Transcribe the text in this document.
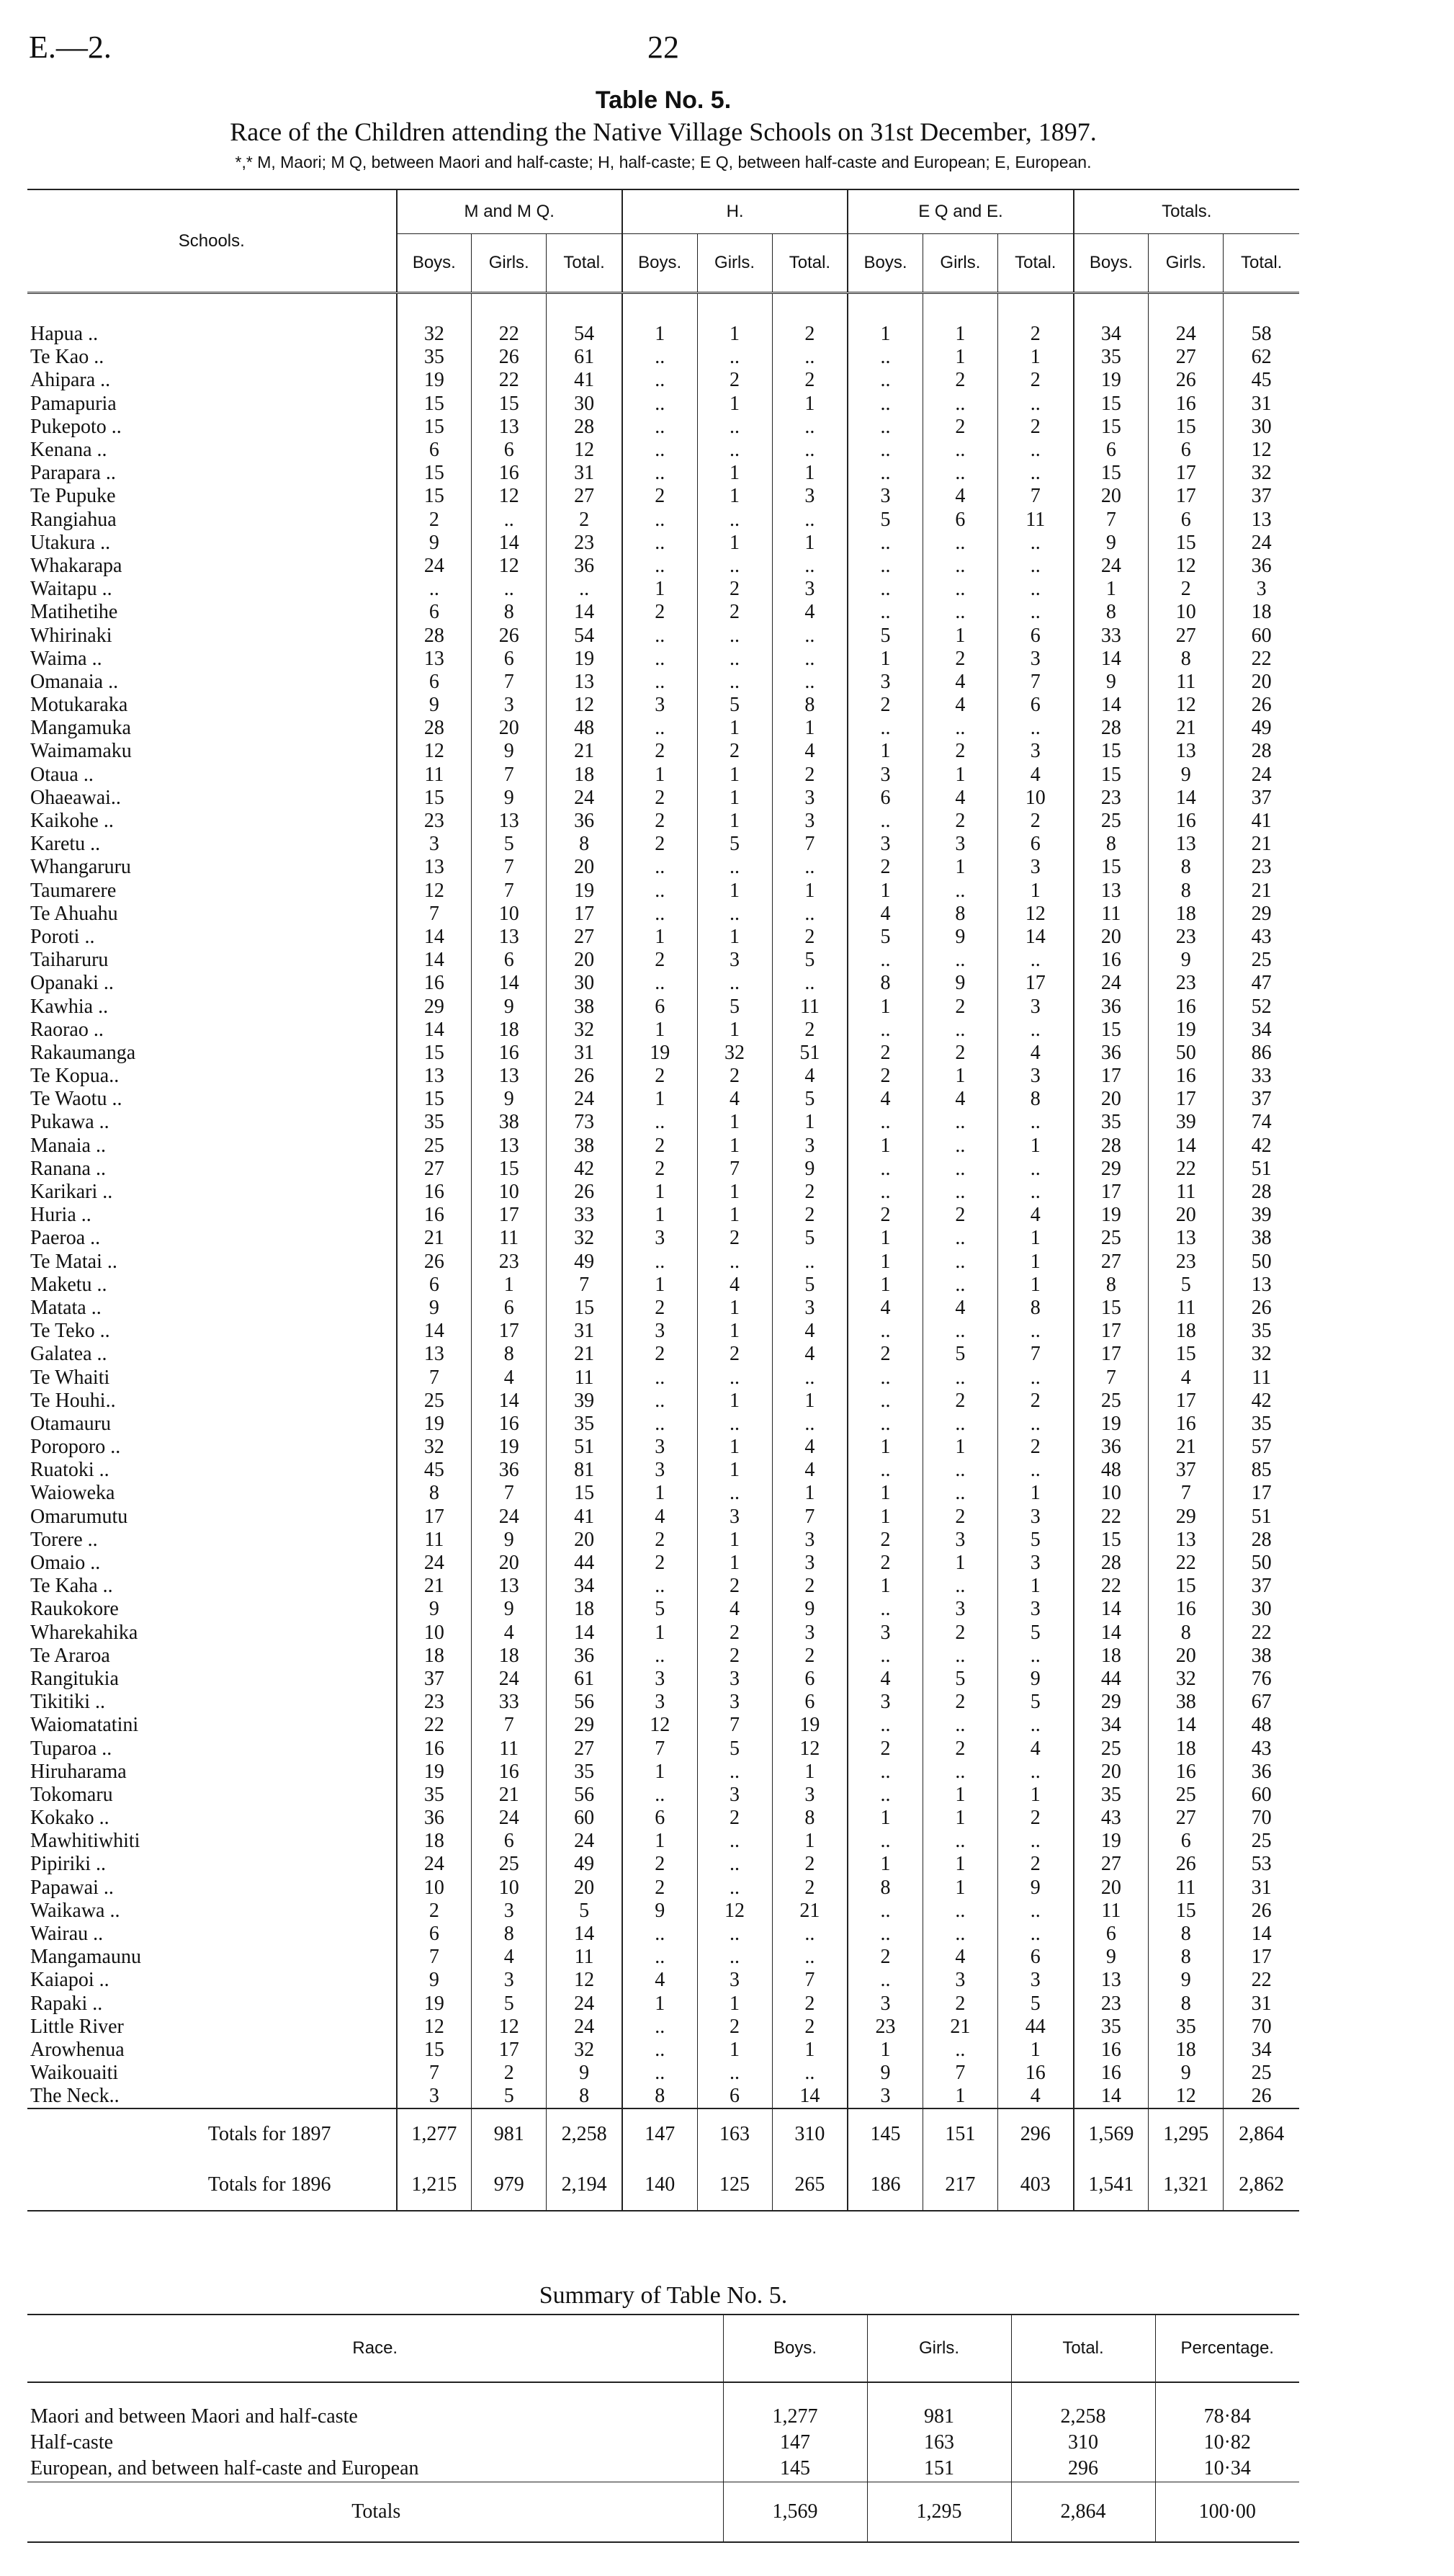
E.—2.	22
Table No. 5.
Race of the Children attending the Native Village Schools on 31st December, 1897.
*,* M, Maori; M Q, between Maori and half-caste; H, half-caste; E Q, between half-caste and European; E, European.
Schools.	M and M Q.			H.			E Q and E.			Totals.		
	Boys.	Girls.	Total.	Boys.	Girls.	Total.	Boys.	Girls.	Total.	Boys.	Girls.	Total.
Hapua ..	32	22	54	1	1	2	1	1	2	34	24	58
Te Kao ..	35	26	61	..	..	..	..	1	1	35	27	62
Ahipara ..	19	22	41	..	2	2	..	2	2	19	26	45
Pamapuria	15	15	30	..	1	1	..	..	..	15	16	31
Pukepoto ..	15	13	28	..	..	..	..	2	2	15	15	30
Kenana ..	6	6	12	..	..	..	..	..	..	6	6	12
Parapara ..	15	16	31	..	1	1	..	..	..	15	17	32
Te Pupuke	15	12	27	2	1	3	3	4	7	20	17	37
Rangiahua	2	..	2	..	..	..	5	6	11	7	6	13
Utakura ..	9	14	23	..	1	1	..	..	..	9	15	24
Whakarapa	24	12	36	..	..	..	..	..	..	24	12	36
Waitapu ..	..	..	..	1	2	3	..	..	..	1	2	3
Matihetihe	6	8	14	2	2	4	..	..	..	8	10	18
Whirinaki	28	26	54	..	..	..	5	1	6	33	27	60
Waima ..	13	6	19	..	..	..	1	2	3	14	8	22
Omanaia ..	6	7	13	..	..	..	3	4	7	9	11	20
Motukaraka	9	3	12	3	5	8	2	4	6	14	12	26
Mangamuka	28	20	48	..	1	1	..	..	..	28	21	49
Waimamaku	12	9	21	2	2	4	1	2	3	15	13	28
Otaua ..	11	7	18	1	1	2	3	1	4	15	9	24
Ohaeawai..	15	9	24	2	1	3	6	4	10	23	14	37
Kaikohe ..	23	13	36	2	1	3	..	2	2	25	16	41
Karetu ..	3	5	8	2	5	7	3	3	6	8	13	21
Whangaruru	13	7	20	..	..	..	2	1	3	15	8	23
Taumarere	12	7	19	..	1	1	1	..	1	13	8	21
Te Ahuahu	7	10	17	..	..	..	4	8	12	11	18	29
Poroti ..	14	13	27	1	1	2	5	9	14	20	23	43
Taiharuru	14	6	20	2	3	5	..	..	..	16	9	25
Opanaki ..	16	14	30	..	..	..	8	9	17	24	23	47
Kawhia ..	29	9	38	6	5	11	1	2	3	36	16	52
Raorao ..	14	18	32	1	1	2	..	..	..	15	19	34
Rakaumanga	15	16	31	19	32	51	2	2	4	36	50	86
Te Kopua..	13	13	26	2	2	4	2	1	3	17	16	33
Te Waotu ..	15	9	24	1	4	5	4	4	8	20	17	37
Pukawa ..	35	38	73	..	1	1	..	..	..	35	39	74
Manaia ..	25	13	38	2	1	3	1	..	1	28	14	42
Ranana ..	27	15	42	2	7	9	..	..	..	29	22	51
Karikari ..	16	10	26	1	1	2	..	..	..	17	11	28
Huria ..	16	17	33	1	1	2	2	2	4	19	20	39
Paeroa ..	21	11	32	3	2	5	1	..	1	25	13	38
Te Matai ..	26	23	49	..	..	..	1	..	1	27	23	50
Maketu ..	6	1	7	1	4	5	1	..	1	8	5	13
Matata ..	9	6	15	2	1	3	4	4	8	15	11	26
Te Teko ..	14	17	31	3	1	4	..	..	..	17	18	35
Galatea ..	13	8	21	2	2	4	2	5	7	17	15	32
Te Whaiti	7	4	11	..	..	..	..	..	..	7	4	11
Te Houhi..	25	14	39	..	1	1	..	2	2	25	17	42
Otamauru	19	16	35	..	..	..	..	..	..	19	16	35
Poroporo ..	32	19	51	3	1	4	1	1	2	36	21	57
Ruatoki ..	45	36	81	3	1	4	..	..	..	48	37	85
Waioweka	8	7	15	1	..	1	1	..	1	10	7	17
Omarumutu	17	24	41	4	3	7	1	2	3	22	29	51
Torere ..	11	9	20	2	1	3	2	3	5	15	13	28
Omaio ..	24	20	44	2	1	3	2	1	3	28	22	50
Te Kaha ..	21	13	34	..	2	2	1	..	1	22	15	37
Raukokore	9	9	18	5	4	9	..	3	3	14	16	30
Wharekahika	10	4	14	1	2	3	3	2	5	14	8	22
Te Araroa	18	18	36	..	2	2	..	..	..	18	20	38
Rangitukia	37	24	61	3	3	6	4	5	9	44	32	76
Tikitiki ..	23	33	56	3	3	6	3	2	5	29	38	67
Waiomatatini	22	7	29	12	7	19	..	..	..	34	14	48
Tuparoa ..	16	11	27	7	5	12	2	2	4	25	18	43
Hiruharama	19	16	35	1	..	1	..	..	..	20	16	36
Tokomaru	35	21	56	..	3	3	..	1	1	35	25	60
Kokako ..	36	24	60	6	2	8	1	1	2	43	27	70
Mawhitiwhiti	18	6	24	1	..	1	..	..	..	19	6	25
Pipiriki ..	24	25	49	2	..	2	1	1	2	27	26	53
Papawai ..	10	10	20	2	..	2	8	1	9	20	11	31
Waikawa ..	2	3	5	9	12	21	..	..	..	11	15	26
Wairau ..	6	8	14	..	..	..	..	..	..	6	8	14
Mangamaunu	7	4	11	..	..	..	2	4	6	9	8	17
Kaiapoi ..	9	3	12	4	3	7	..	3	3	13	9	22
Rapaki ..	19	5	24	1	1	2	3	2	5	23	8	31
Little River	12	12	24	..	2	2	23	21	44	35	35	70
Arowhenua	15	17	32	..	1	1	1	..	1	16	18	34
Waikouaiti	7	2	9	..	..	..	9	7	16	16	9	25
The Neck..	3	5	8	8	6	14	3	1	4	14	12	26
Totals for 1897	1,277	981	2,258	147	163	310	145	151	296	1,569	1,295	2,864
Totals for 1896	1,215	979	2,194	140	125	265	186	217	403	1,541	1,321	2,862
Summary of Table No. 5.
Race.	Boys.	Girls.	Total.	Percentage.
Maori and between Maori and half-caste	1,277	981	2,258	78·84
Half-caste	147	163	310	10·82
European, and between half-caste and European	145	151	296	10·34
Totals	1,569	1,295	2,864	100·00
